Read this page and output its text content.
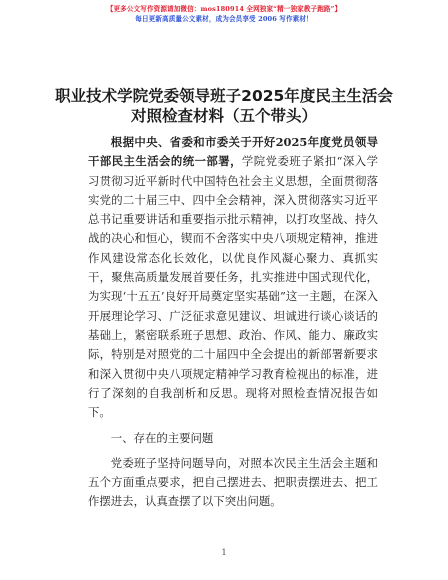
【更多公文写作资源请加微信：mos180914 全网独家“精一独家教子跑路”】
每日更新高质量公文素材，成为会员享受 2006 写作素材！
职业技术学院党委领导班子2025年度民主生活会对照检查材料（五个带头）

根据中央、省委和市委关于开好2025年度党员领导干部民主生活会的统一部署，学院党委班子紧扣“深入学习贯彻习近平新时代中国特色社会主义思想，全面贯彻落实党的二十届三中、四中全会精神，深入贯彻落实习近平总书记重要讲话和重要指示批示精神，以打攻坚战、持久战的决心和恒心，锲而不舍落实中央八项规定精神，推进作风建设常态化长效化，以优良作风凝心聚力、真抓实干，聚焦高质量发展首要任务，扎实推进中国式现代化，为实现‘十五五’良好开局奠定坚实基础”这一主题，在深入开展理论学习、广泛征求意见建议、坦诚进行谈心谈话的基础上，紧密联系班子思想、政治、作风、能力、廉政实际，特别是对照党的二十届四中全会提出的新部署新要求和深入贯彻中央八项规定精神学习教育检视出的标准，进行了深刻的自我剖析和反思。现将对照检查情况报告如下。

一、存在的主要问题

党委班子坚持问题导向，对照本次民主生活会主题和五个方面重点要求，把自己摆进去、把职责摆进去、把工作摆进去，认真查摆了以下突出问题。

1
